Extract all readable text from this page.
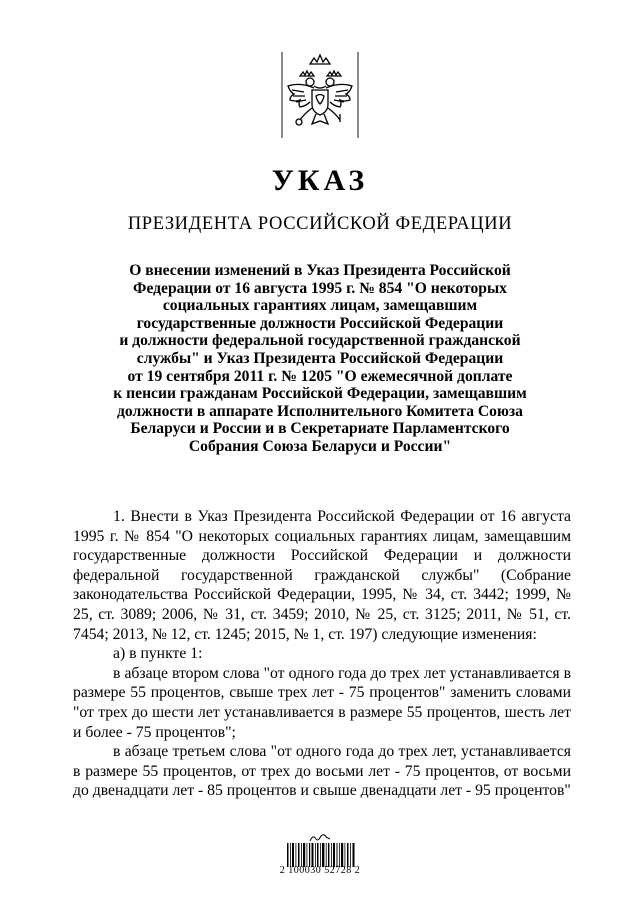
УКАЗ
ПРЕЗИДЕНТА РОССИЙСКОЙ ФЕДЕРАЦИИ
О внесении изменений в Указ Президента Российской
Федерации от 16 августа 1995 г. № 854 "О некоторых
социальных гарантиях лицам, замещавшим
государственные должности Российской Федерации
и должности федеральной государственной гражданской
службы" и Указ Президента Российской Федерации
от 19 сентября 2011 г. № 1205 "О ежемесячной доплате
к пенсии гражданам Российской Федерации, замещавшим
должности в аппарате Исполнительного Комитета Союза
Беларуси и России и в Секретариате Парламентского
Собрания Союза Беларуси и России"

1. Внести в Указ Президента Российской Федерации от 16 августа 1995 г. № 854 "О некоторых социальных гарантиях лицам, замещавшим государственные должности Российской Федерации и должности федеральной государственной гражданской службы" (Собрание законодательства Российской Федерации, 1995, № 34, ст. 3442; 1999, № 25, ст. 3089; 2006, № 31, ст. 3459; 2010, № 25, ст. 3125; 2011, № 51, ст. 7454; 2013, № 12, ст. 1245; 2015, № 1, ст. 197) следующие изменения:

а) в пункте 1:

в абзаце втором слова "от одного года до трех лет устанавливается в размере 55 процентов, свыше трех лет - 75 процентов" заменить словами "от трех до шести лет устанавливается в размере 55 процентов, шесть лет и более - 75 процентов";

в абзаце третьем слова "от одного года до трех лет, устанавливается в размере 55 процентов, от трех до восьми лет - 75 процентов, от восьми до двенадцати лет - 85 процентов и свыше двенадцати лет - 95 процентов"

2 100030 52728 2
